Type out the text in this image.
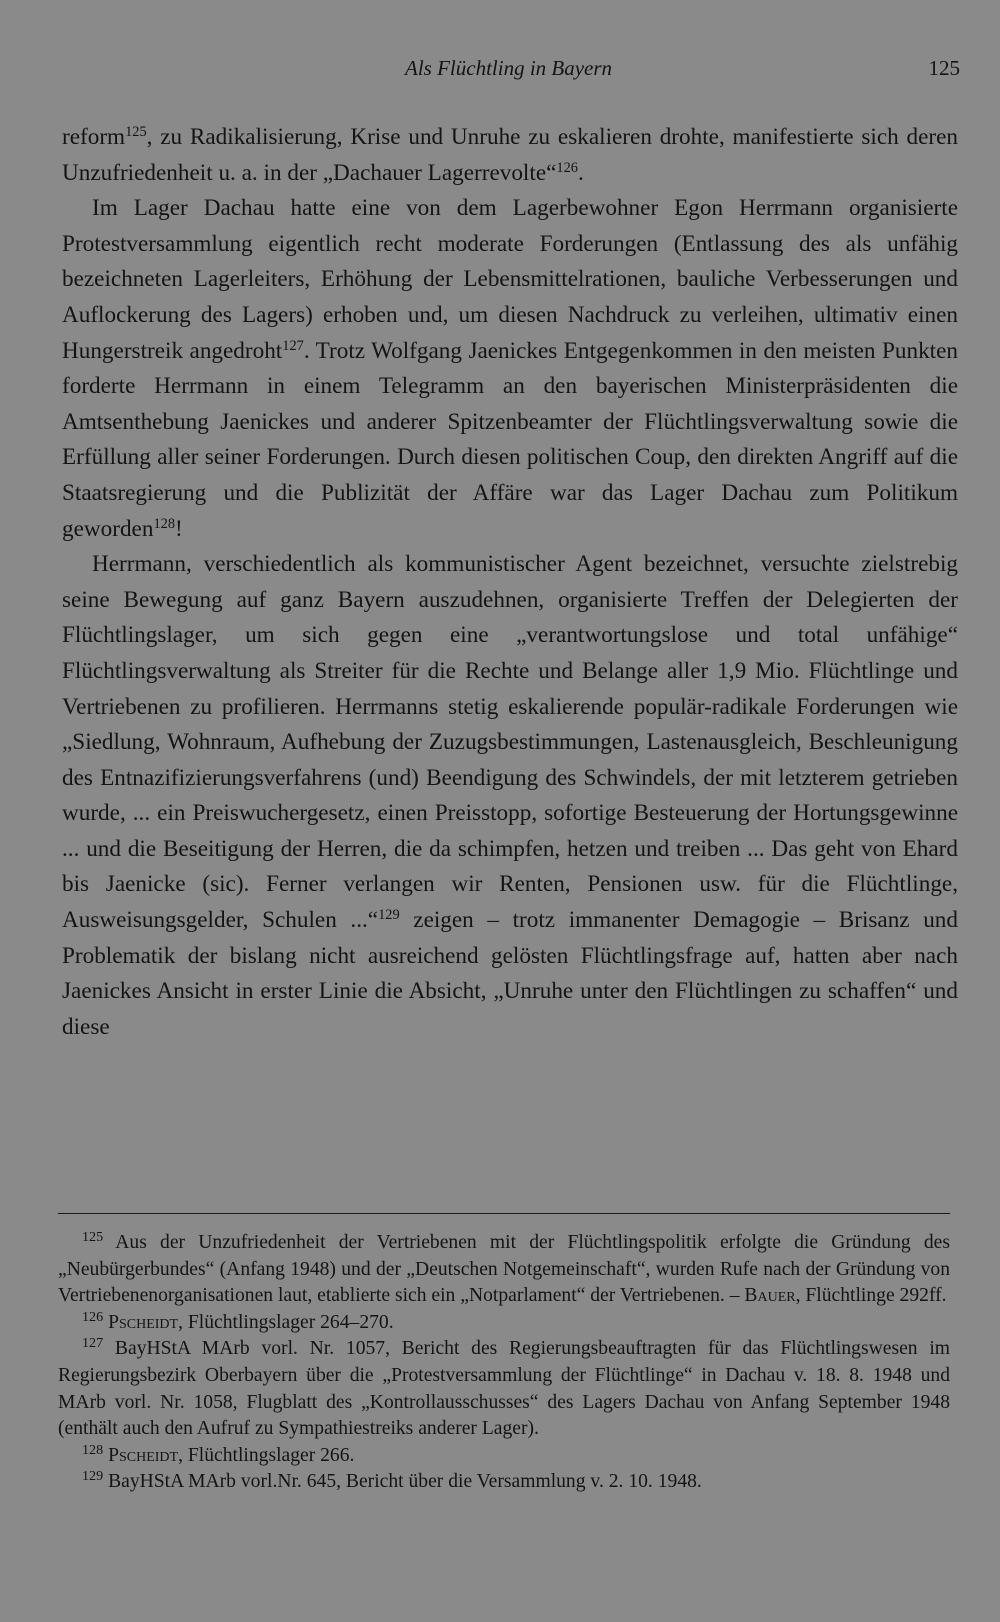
Als Flüchtling in Bayern	125

reform$^{125}$, zu Radikalisierung, Krise und Unruhe zu eskalieren drohte, manifestierte sich deren Unzufriedenheit u. a. in der „Dachauer Lagerrevolte“$^{126}$.

Im Lager Dachau hatte eine von dem Lagerbewohner Egon Herrmann organisierte Protestversammlung eigentlich recht moderate Forderungen (Entlassung des als unfähig bezeichneten Lagerleiters, Erhöhung der Lebensmittelrationen, bauliche Verbesserungen und Auflockerung des Lagers) erhoben und, um diesen Nachdruck zu verleihen, ultimativ einen Hungerstreik angedroht$^{127}$. Trotz Wolfgang Jaenickes Entgegenkommen in den meisten Punkten forderte Herrmann in einem Telegramm an den bayerischen Ministerpräsidenten die Amtsenthebung Jaenickes und anderer Spitzenbeamter der Flüchtlingsverwaltung sowie die Erfüllung aller seiner Forderungen. Durch diesen politischen Coup, den direkten Angriff auf die Staatsregierung und die Publizität der Affäre war das Lager Dachau zum Politikum geworden$^{128}$!

Herrmann, verschiedentlich als kommunistischer Agent bezeichnet, versuchte zielstrebig seine Bewegung auf ganz Bayern auszudehnen, organisierte Treffen der Delegierten der Flüchtlingslager, um sich gegen eine „verantwortungslose und total unfähige“ Flüchtlingsverwaltung als Streiter für die Rechte und Belange aller 1,9 Mio. Flüchtlinge und Vertriebenen zu profilieren. Herrmanns stetig eskalierende populär-radikale Forderungen wie „Siedlung, Wohnraum, Aufhebung der Zuzugsbestimmungen, Lastenausgleich, Beschleunigung des Entnazifizierungsverfahrens (und) Beendigung des Schwindels, der mit letzterem getrieben wurde, ... ein Preiswuchergesetz, einen Preisstopp, sofortige Besteuerung der Hortungsgewinne ... und die Beseitigung der Herren, die da schimpfen, hetzen und treiben ... Das geht von Ehard bis Jaenicke (sic). Ferner verlangen wir Renten, Pensionen usw. für die Flüchtlinge, Ausweisungsgelder, Schulen ...“$^{129}$ zeigen – trotz immanenter Demagogie – Brisanz und Problematik der bislang nicht ausreichend gelösten Flüchtlingsfrage auf, hatten aber nach Jaenickes Ansicht in erster Linie die Absicht, „Unruhe unter den Flüchtlingen zu schaffen“ und diese

$^{125}$ Aus der Unzufriedenheit der Vertriebenen mit der Flüchtlingspolitik erfolgte die Gründung des „Neubürgerbundes“ (Anfang 1948) und der „Deutschen Notgemeinschaft“, wurden Rufe nach der Gründung von Vertriebenenorganisationen laut, etablierte sich ein „Notparlament“ der Vertriebenen. – Bauer, Flüchtlinge 292ff.

$^{126}$ Pscheidt, Flüchtlingslager 264–270.

$^{127}$ BayHStA MArb vorl. Nr. 1057, Bericht des Regierungsbeauftragten für das Flüchtlingswesen im Regierungsbezirk Oberbayern über die „Protestversammlung der Flüchtlinge“ in Dachau v. 18. 8. 1948 und MArb vorl. Nr. 1058, Flugblatt des „Kontrollausschusses“ des Lagers Dachau von Anfang September 1948 (enthält auch den Aufruf zu Sympathiestreiks anderer Lager).

$^{128}$ Pscheidt, Flüchtlingslager 266.

$^{129}$ BayHStA MArb vorl.Nr. 645, Bericht über die Versammlung v. 2. 10. 1948.
